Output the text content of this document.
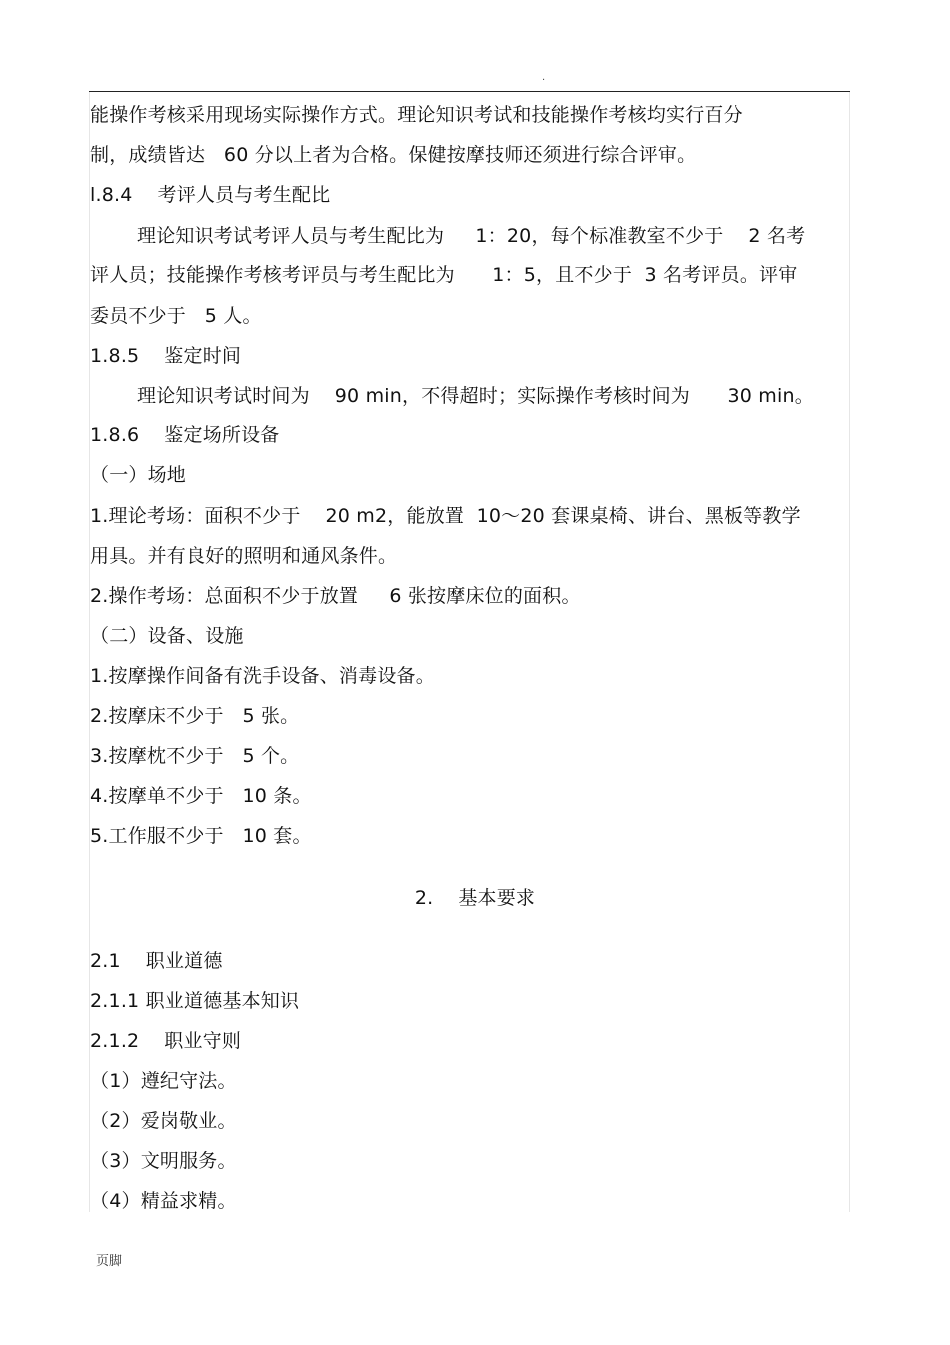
.
能操作考核采用现场实际操作方式。理论知识考试和技能操作考核均实行百分
制，成绩皆达   60 分以上者为合格。保健按摩技师还须进行综合评审。
l.8.4    考评人员与考生配比
理论知识考试考评人员与考生配比为     1：20，每个标准教室不少于    2 名考
评人员；技能操作考核考评员与考生配比为      1：5，且不少于  3 名考评员。评审
委员不少于   5 人。
1.8.5    鉴定时间
理论知识考试时间为    90 min，不得超时；实际操作考核时间为      30 min。
1.8.6    鉴定场所设备
（一）场地
1.理论考场：面积不少于    20 m2，能放置  10～20 套课桌椅、讲台、黑板等教学
用具。并有良好的照明和通风条件。
2.操作考场：总面积不少于放置     6 张按摩床位的面积。
（二）设备、设施
1.按摩操作间备有洗手设备、消毒设备。
2.按摩床不少于   5 张。
3.按摩枕不少于   5 个。
4.按摩单不少于   10 条。
5.工作服不少于   10 套。
2.    基本要求
2.1    职业道德
2.1.1 职业道德基本知识
2.1.2    职业守则
（1）遵纪守法。
（2）爱岗敬业。
（3）文明服务。
（4）精益求精。
页脚
